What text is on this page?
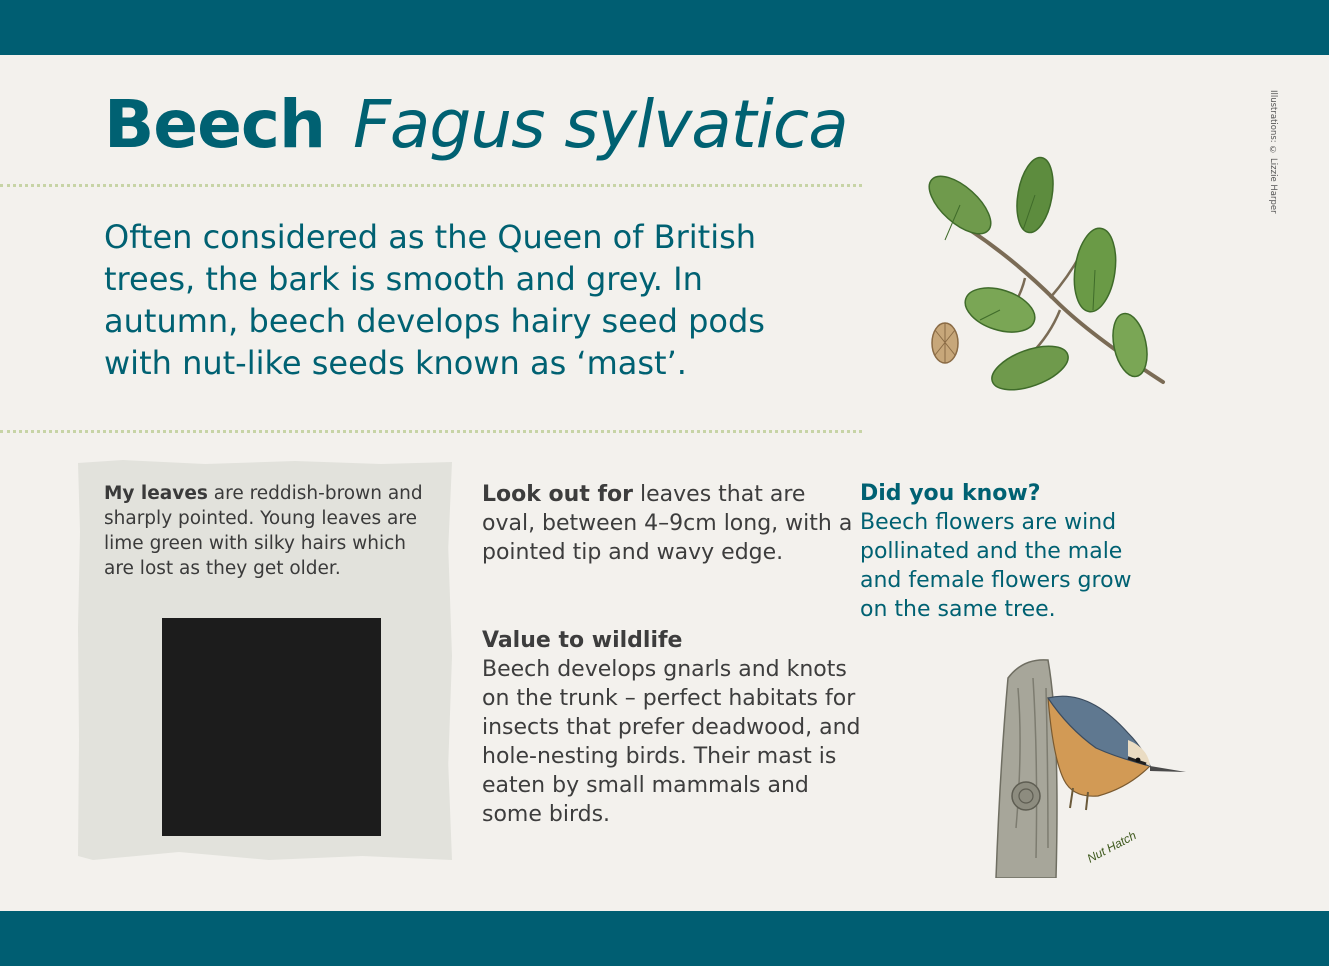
Beech Fagus sylvatica

Often considered as the Queen of British trees, the bark is smooth and grey. In autumn, beech develops hairy seed pods with nut-like seeds known as ‘mast’.

Illustrations: © Lizzie Harper

My leaves are reddish-brown and sharply pointed. Young leaves are lime green with silky hairs which are lost as they get older.

Look out for leaves that are oval, between 4–9cm long, with a pointed tip and wavy edge.

Value to wildlife
Beech develops gnarls and knots on the trunk – perfect habitats for insects that prefer deadwood, and hole-nesting birds. Their mast is eaten by small mammals and some birds.

Did you know?
Beech flowers are wind pollinated and the male and female flowers grow on the same tree.

Nut Hatch
